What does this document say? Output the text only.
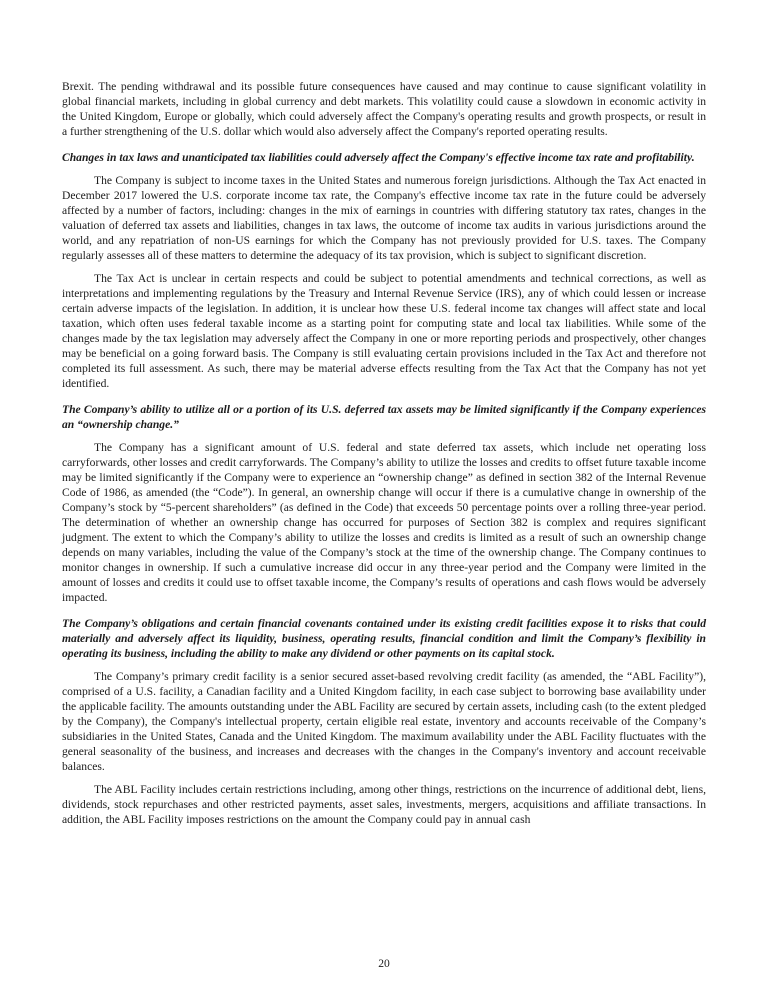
Brexit. The pending withdrawal and its possible future consequences have caused and may continue to cause significant volatility in global financial markets, including in global currency and debt markets. This volatility could cause a slowdown in economic activity in the United Kingdom, Europe or globally, which could adversely affect the Company's operating results and growth prospects, or result in a further strengthening of the U.S. dollar which would also adversely affect the Company's reported operating results.
Changes in tax laws and unanticipated tax liabilities could adversely affect the Company's effective income tax rate and profitability.
The Company is subject to income taxes in the United States and numerous foreign jurisdictions. Although the Tax Act enacted in December 2017 lowered the U.S. corporate income tax rate, the Company's effective income tax rate in the future could be adversely affected by a number of factors, including: changes in the mix of earnings in countries with differing statutory tax rates, changes in the valuation of deferred tax assets and liabilities, changes in tax laws, the outcome of income tax audits in various jurisdictions around the world, and any repatriation of non-US earnings for which the Company has not previously provided for U.S. taxes. The Company regularly assesses all of these matters to determine the adequacy of its tax provision, which is subject to significant discretion.
The Tax Act is unclear in certain respects and could be subject to potential amendments and technical corrections, as well as interpretations and implementing regulations by the Treasury and Internal Revenue Service (IRS), any of which could lessen or increase certain adverse impacts of the legislation. In addition, it is unclear how these U.S. federal income tax changes will affect state and local taxation, which often uses federal taxable income as a starting point for computing state and local tax liabilities. While some of the changes made by the tax legislation may adversely affect the Company in one or more reporting periods and prospectively, other changes may be beneficial on a going forward basis. The Company is still evaluating certain provisions included in the Tax Act and therefore not completed its full assessment. As such, there may be material adverse effects resulting from the Tax Act that the Company has not yet identified.
The Company’s ability to utilize all or a portion of its U.S. deferred tax assets may be limited significantly if the Company experiences an “ownership change.”
The Company has a significant amount of U.S. federal and state deferred tax assets, which include net operating loss carryforwards, other losses and credit carryforwards. The Company’s ability to utilize the losses and credits to offset future taxable income may be limited significantly if the Company were to experience an “ownership change” as defined in section 382 of the Internal Revenue Code of 1986, as amended (the “Code”). In general, an ownership change will occur if there is a cumulative change in ownership of the Company’s stock by “5-percent shareholders” (as defined in the Code) that exceeds 50 percentage points over a rolling three-year period. The determination of whether an ownership change has occurred for purposes of Section 382 is complex and requires significant judgment. The extent to which the Company’s ability to utilize the losses and credits is limited as a result of such an ownership change depends on many variables, including the value of the Company’s stock at the time of the ownership change. The Company continues to monitor changes in ownership. If such a cumulative increase did occur in any three-year period and the Company were limited in the amount of losses and credits it could use to offset taxable income, the Company’s results of operations and cash flows would be adversely impacted.
The Company’s obligations and certain financial covenants contained under its existing credit facilities expose it to risks that could materially and adversely affect its liquidity, business, operating results, financial condition and limit the Company’s flexibility in operating its business, including the ability to make any dividend or other payments on its capital stock.
The Company’s primary credit facility is a senior secured asset-based revolving credit facility (as amended, the “ABL Facility”), comprised of a U.S. facility, a Canadian facility and a United Kingdom facility, in each case subject to borrowing base availability under the applicable facility. The amounts outstanding under the ABL Facility are secured by certain assets, including cash (to the extent pledged by the Company), the Company's intellectual property, certain eligible real estate, inventory and accounts receivable of the Company’s subsidiaries in the United States, Canada and the United Kingdom. The maximum availability under the ABL Facility fluctuates with the general seasonality of the business, and increases and decreases with the changes in the Company's inventory and account receivable balances.
The ABL Facility includes certain restrictions including, among other things, restrictions on the incurrence of additional debt, liens, dividends, stock repurchases and other restricted payments, asset sales, investments, mergers, acquisitions and affiliate transactions. In addition, the ABL Facility imposes restrictions on the amount the Company could pay in annual cash
20
